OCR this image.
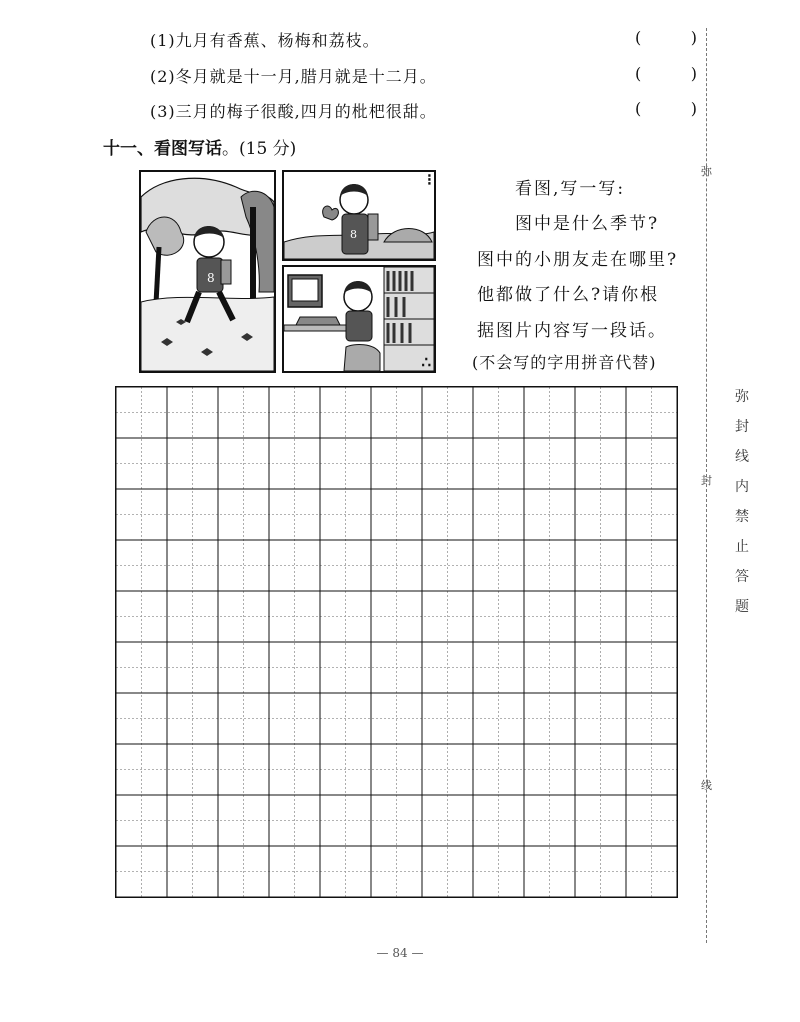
(1)九月有香蕉、杨梅和荔枝。	(	)
(2)冬月就是十一月,腊月就是十二月。	(	)
(3)三月的梅子很酸,四月的枇杷很甜。	(	)
十一、看图写话。(15 分)
8
8
⁝
∴
看图,写一写:
图中是什么季节?
图中的小朋友走在哪里?
他都做了什么?请你根
据图片内容写一段话。
(不会写的字用拼音代替)
弥
封
线
弥
封
线
内
禁
止
答
题
— 84 —
